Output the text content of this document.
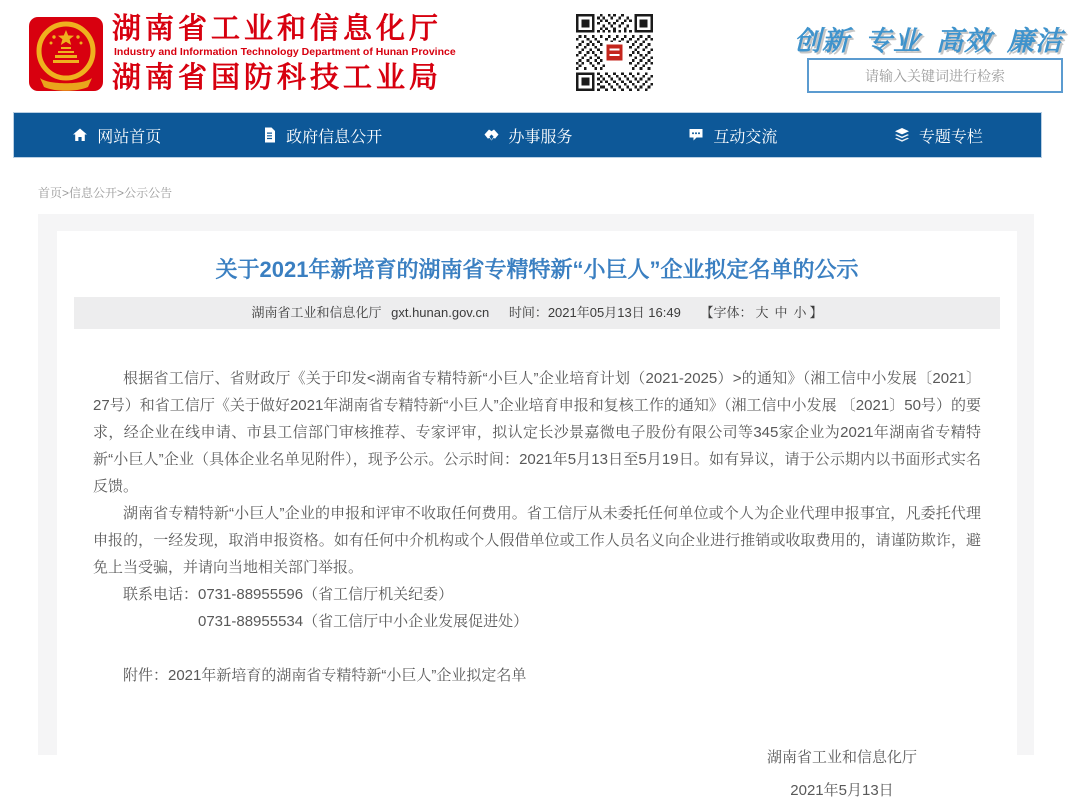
湖南省工业和信息化厅
Industry and Information Technology Department of Hunan Province
湖南省国防科技工业局
创新 专业 高效 廉洁
请输入关键词进行检索
网站首页	政府信息公开	办事服务	互动交流	专题专栏
首页>信息公开>公示公告
关于2021年新培育的湖南省专精特新“小巨人”企业拟定名单的公示
湖南省工业和信息化厅 gxt.hunan.gov.cn 时间：2021年05月13日 16:49 【字体： 大 中 小 】

根据省工信厅、省财政厅《关于印发<湖南省专精特新“小巨人”企业培育计划（2021-2025）>的通知》（湘工信中小发展〔2021〕27号）和省工信厅《关于做好2021年湖南省专精特新“小巨人”企业培育申报和复核工作的通知》（湘工信中小发展 〔2021〕50号）的要求，经企业在线申请、市县工信部门审核推荐、专家评审，拟认定长沙景嘉微电子股份有限公司等345家企业为2021年湖南省专精特新“小巨人”企业（具体企业名单见附件），现予公示。公示时间：2021年5月13日至5月19日。如有异议，请于公示期内以书面形式实名反馈。

湖南省专精特新“小巨人”企业的申报和评审不收取任何费用。省工信厅从未委托任何单位或个人为企业代理申报事宜，凡委托代理申报的，一经发现，取消申报资格。如有任何中介机构或个人假借单位或工作人员名义向企业进行推销或收取费用的，请谨防欺诈，避免上当受骗，并请向当地相关部门举报。

联系电话：0731-88955596（省工信厅机关纪委）

0731-88955534（省工信厅中小企业发展促进处）

附件：2021年新培育的湖南省专精特新“小巨人”企业拟定名单

湖南省工业和信息化厅
2021年5月13日
